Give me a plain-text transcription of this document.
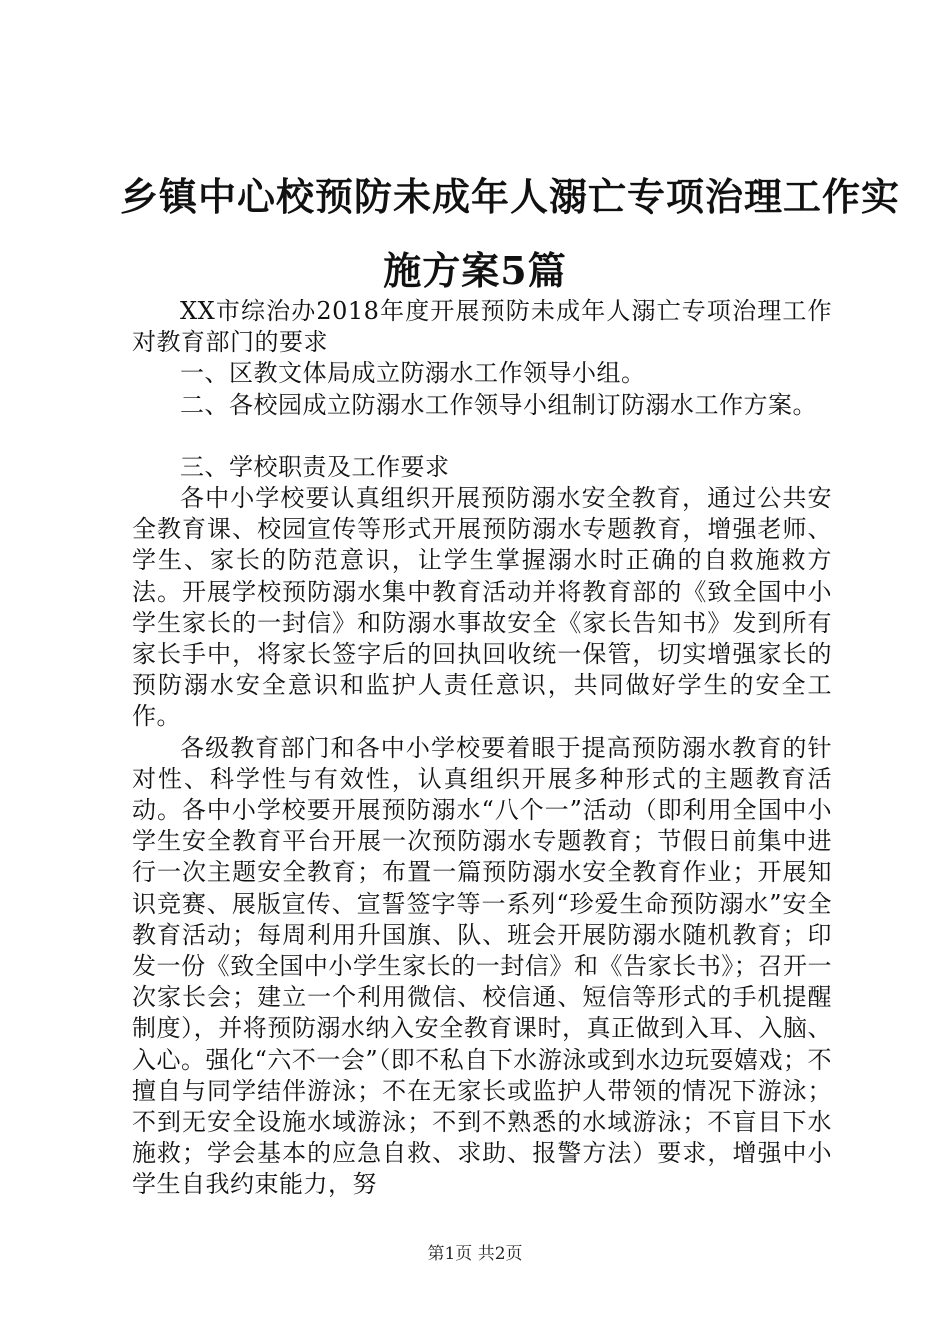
乡镇中心校预防未成年人溺亡专项治理工作实
施方案5篇

XX市综治办2018年度开展预防未成年人溺亡专项治理工作对教育部门的要求

一、区教文体局成立防溺水工作领导小组。

二、各校园成立防溺水工作领导小组制订防溺水工作方案。

三、学校职责及工作要求

各中小学校要认真组织开展预防溺水安全教育，通过公共安全教育课、校园宣传等形式开展预防溺水专题教育，增强老师、学生、家长的防范意识，让学生掌握溺水时正确的自救施救方法。开展学校预防溺水集中教育活动并将教育部的《致全国中小学生家长的一封信》和防溺水事故安全《家长告知书》发到所有家长手中，将家长签字后的回执回收统一保管，切实增强家长的预防溺水安全意识和监护人责任意识，共同做好学生的安全工作。

各级教育部门和各中小学校要着眼于提高预防溺水教育的针对性、科学性与有效性，认真组织开展多种形式的主题教育活动。各中小学校要开展预防溺水“八个一”活动（即利用全国中小学生安全教育平台开展一次预防溺水专题教育；节假日前集中进行一次主题安全教育；布置一篇预防溺水安全教育作业；开展知识竞赛、展版宣传、宣誓签字等一系列“珍爱生命预防溺水”安全教育活动；每周利用升国旗、队、班会开展防溺水随机教育；印发一份《致全国中小学生家长的一封信》和《告家长书》；召开一次家长会；建立一个利用微信、校信通、短信等形式的手机提醒制度），并将预防溺水纳入安全教育课时，真正做到入耳、入脑、入心。强化“六不一会”（即不私自下水游泳或到水边玩耍嬉戏；不擅自与同学结伴游泳；不在无家长或监护人带领的情况下游泳；不到无安全设施水域游泳；不到不熟悉的水域游泳；不盲目下水施救；学会基本的应急自救、求助、报警方法）要求，增强中小学生自我约束能力，努

第1页 共2页
